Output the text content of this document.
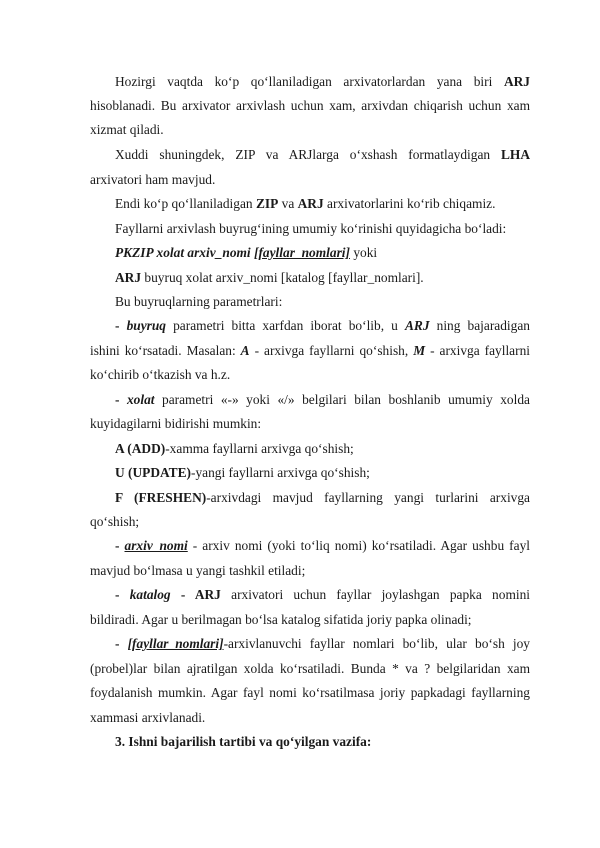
Hozirgi vaqtda ko‘p qo‘llaniladigan arxivatorlardan yana biri ARJ
hisoblanadi. Bu arxivator arxivlash uchun xam, arxivdan chiqarish uchun xam
xizmat qiladi.
Xuddi shuningdek, ZIP va ARJlarga o‘xshash formatlaydigan LHA
arxivatori ham mavjud.
Endi ko‘p qo‘llaniladigan ZIP va ARJ arxivatorlarini ko‘rib chiqamiz.
Fayllarni arxivlash buyrug‘ining umumiy ko‘rinishi quyidagicha bo‘ladi:
PKZIP xolat arxiv_nomi [fayllar_nomlari] yoki
ARJ buyruq xolat arxiv_nomi [katalog [fayllar_nomlari].
Bu buyruqlarning parametrlari:
- buyruq parametri bitta xarfdan iborat bo‘lib, u ARJ ning bajaradigan
ishini ko‘rsatadi. Masalan: A - arxivga fayllarni qo‘shish, M - arxivga fayllarni
ko‘chirib o‘tkazish va h.z.
- xolat parametri «-» yoki «/» belgilari bilan boshlanib umumiy xolda
kuyidagilarni bidirishi mumkin:
A (ADD)-xamma fayllarni arxivga qo‘shish;
U (UPDATE)-yangi fayllarni arxivga qo‘shish;
F (FRESHEN)-arxivdagi mavjud fayllarning yangi turlarini arxivga
qo‘shish;
- arxiv_nomi - arxiv nomi (yoki to‘liq nomi) ko‘rsatiladi. Agar ushbu fayl
mavjud bo‘lmasa u yangi tashkil etiladi;
- katalog - ARJ arxivatori uchun fayllar joylashgan papka nomini
bildiradi. Agar u berilmagan bo‘lsa katalog sifatida joriy papka olinadi;
- [fayllar_nomlari]-arxivlanuvchi fayllar nomlari bo‘lib, ular bo‘sh joy
(probel)lar bilan ajratilgan xolda ko‘rsatiladi. Bunda * va ? belgilaridan xam
foydalanish mumkin. Agar fayl nomi ko‘rsatilmasa joriy papkadagi fayllarning
xammasi arxivlanadi.
3. Ishni bajarilish tartibi va qo‘yilgan vazifa:
